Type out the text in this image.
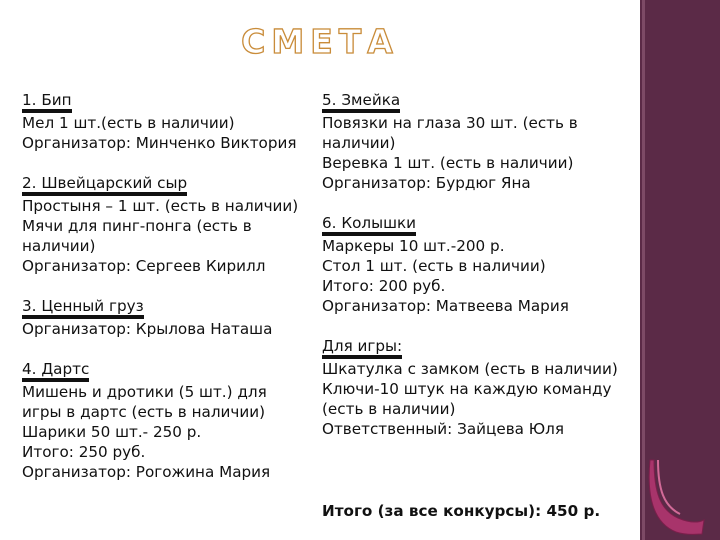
СМЕТА
1. Бип
Мел 1 шт.(есть в наличии)
Организатор: Минченко Виктория
2. Швейцарский сыр
Простыня – 1 шт. (есть в наличии)
Мячи для пинг-понга (есть в
наличии)
Организатор: Сергеев Кирилл
3. Ценный груз
Организатор: Крылова Наташа
4. Дартс
Мишень и дротики (5 шт.) для
игры в дартс (есть в наличии)
Шарики 50 шт.- 250 р.
Итого: 250 руб.
Организатор: Рогожина Мария
5. Змейка
Повязки на глаза 30 шт. (есть в
наличии)
Веревка 1 шт. (есть в наличии)
Организатор: Бурдюг Яна
6. Колышки
Маркеры 10 шт.-200 р.
Стол 1 шт. (есть в наличии)
Итого: 200 руб.
Организатор: Матвеева Мария
Для игры:
Шкатулка с замком (есть в наличии)
Ключи-10 штук на каждую команду
(есть в наличии)
Ответственный: Зайцева Юля
Итого (за все конкурсы): 450 р.
